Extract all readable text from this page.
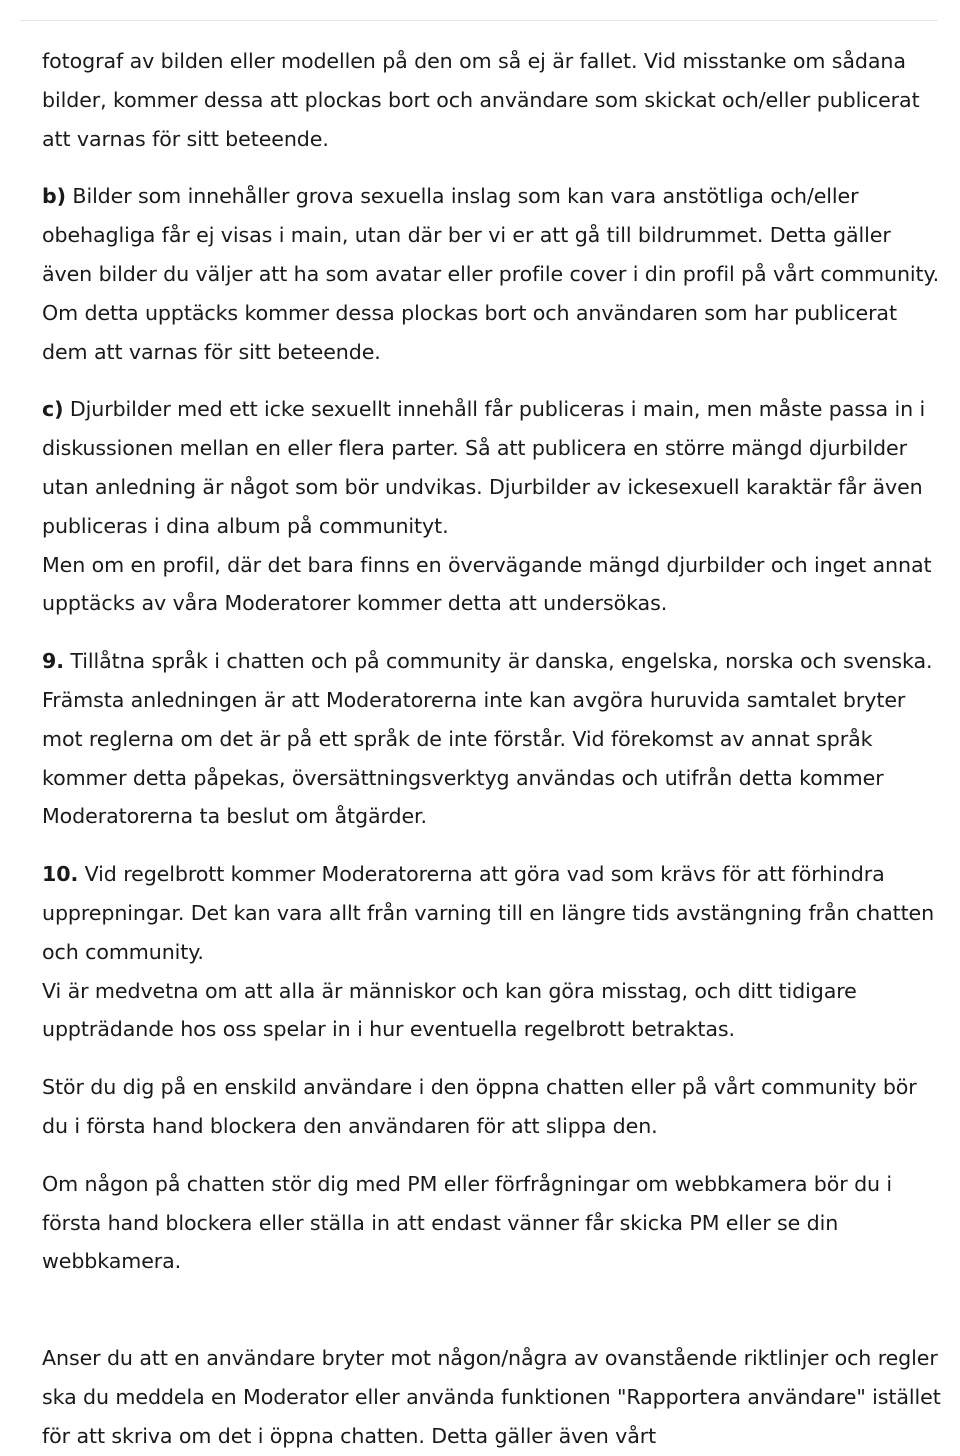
fotograf av bilden eller modellen på den om så ej är fallet. Vid misstanke om sådana bilder, kommer dessa att plockas bort och användare som skickat och/eller publicerat att varnas för sitt beteende.

b) Bilder som innehåller grova sexuella inslag som kan vara anstötliga och/eller obehagliga får ej visas i main, utan där ber vi er att gå till bildrummet. Detta gäller även bilder du väljer att ha som avatar eller profile cover i din profil på vårt community. Om detta upptäcks kommer dessa plockas bort och användaren som har publicerat dem att varnas för sitt beteende.

c) Djurbilder med ett icke sexuellt innehåll får publiceras i main, men måste passa in i diskussionen mellan en eller flera parter. Så att publicera en större mängd djurbilder utan anledning är något som bör undvikas. Djurbilder av ickesexuell karaktär får även publiceras i dina album på communityt.

Men om en profil, där det bara finns en övervägande mängd djurbilder och inget annat upptäcks av våra Moderatorer kommer detta att undersökas.

9. Tillåtna språk i chatten och på community är danska, engelska, norska och svenska. Främsta anledningen är att Moderatorerna inte kan avgöra huruvida samtalet bryter mot reglerna om det är på ett språk de inte förstår. Vid förekomst av annat språk kommer detta påpekas, översättningsverktyg användas och utifrån detta kommer Moderatorerna ta beslut om åtgärder.

10. Vid regelbrott kommer Moderatorerna att göra vad som krävs för att förhindra upprepningar. Det kan vara allt från varning till en längre tids avstängning från chatten och community.

Vi är medvetna om att alla är människor och kan göra misstag, och ditt tidigare uppträdande hos oss spelar in i hur eventuella regelbrott betraktas.

Stör du dig på en enskild användare i den öppna chatten eller på vårt community bör du i första hand blockera den användaren för att slippa den.

Om någon på chatten stör dig med PM eller förfrågningar om webbkamera bör du i första hand blockera eller ställa in att endast vänner får skicka PM eller se din webbkamera.

Anser du att en användare bryter mot någon/några av ovanstående riktlinjer och regler ska du meddela en Moderator eller använda funktionen "Rapportera användare" istället för att skriva om det i öppna chatten. Detta gäller även vårt
